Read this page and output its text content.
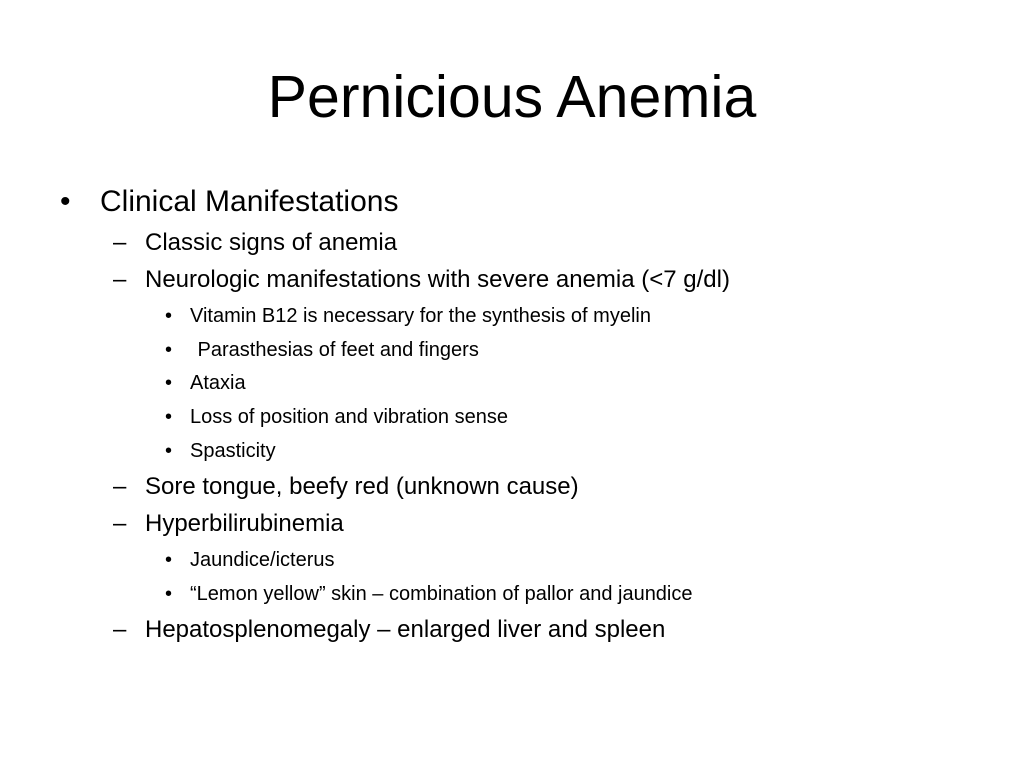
Pernicious Anemia
• Clinical Manifestations
– Classic signs of anemia
– Neurologic manifestations with severe anemia (<7 g/dl)
• Vitamin B12 is necessary for the synthesis of myelin
• Parasthesias of feet and fingers
• Ataxia
• Loss of position and vibration sense
• Spasticity
– Sore tongue, beefy red (unknown cause)
– Hyperbilirubinemia
• Jaundice/icterus
• “Lemon yellow” skin – combination of pallor and jaundice
– Hepatosplenomegaly – enlarged liver and spleen
